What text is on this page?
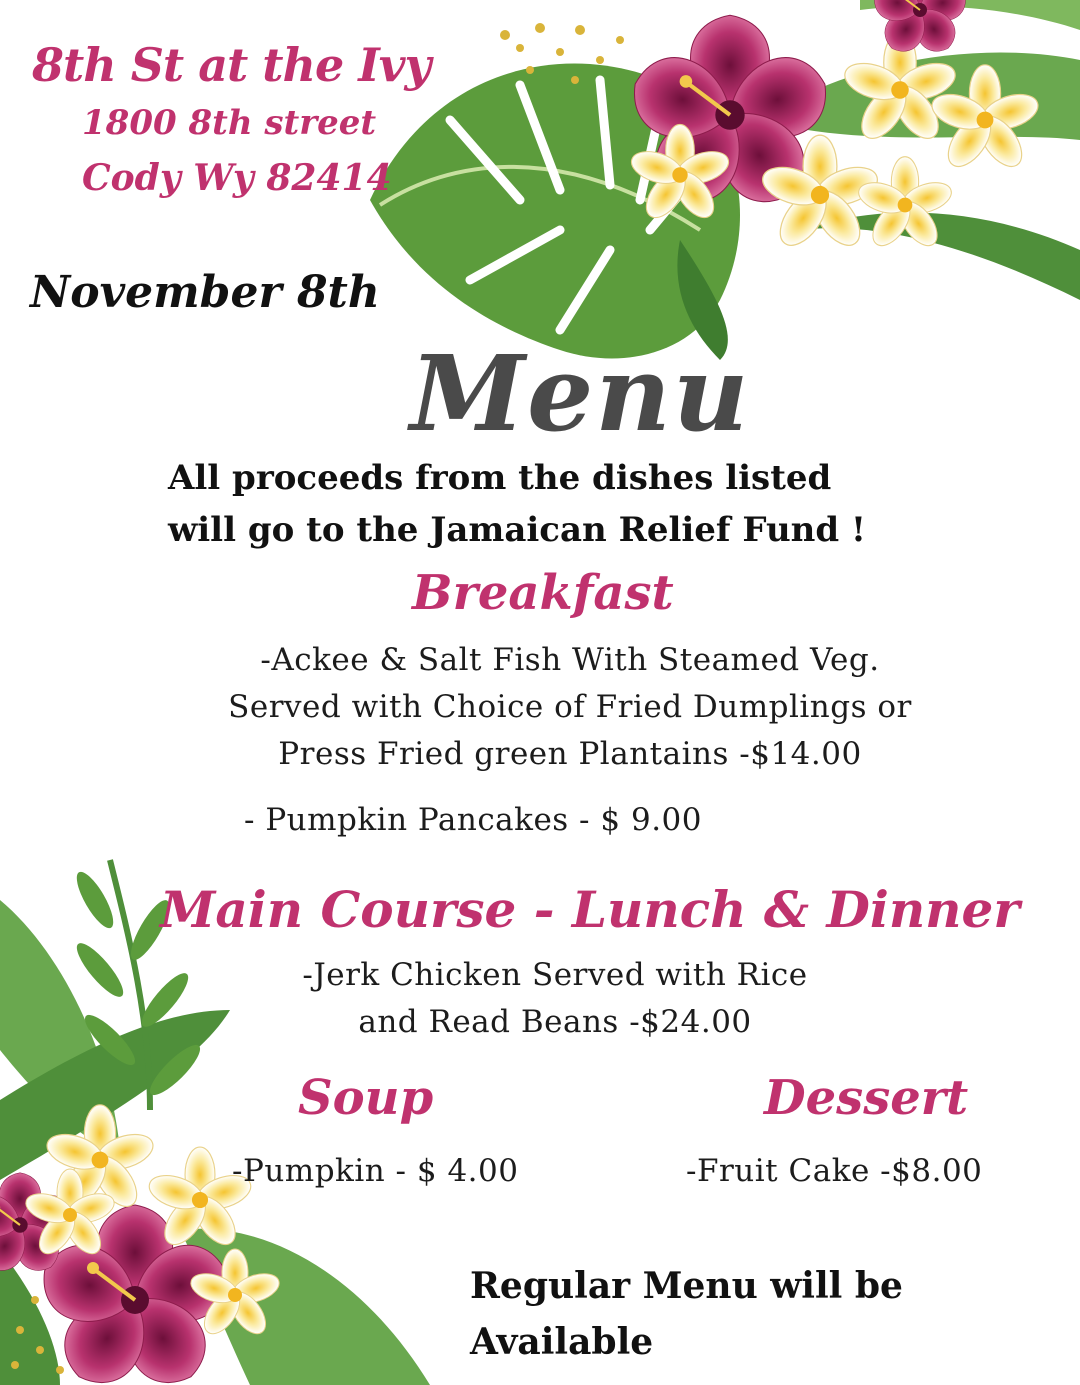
8th St at the Ivy
1800 8th street
Cody Wy 82414
November 8th
Menu
All proceeds from the dishes listed
will go to the Jamaican Relief Fund !
Breakfast
-Ackee & Salt Fish With Steamed Veg.
Served with Choice of Fried Dumplings or
Press Fried green Plantains -$14.00
- Pumpkin Pancakes - $ 9.00
Main Course - Lunch & Dinner
-Jerk Chicken Served with Rice
and Read Beans -$24.00
Soup	Dessert
-Pumpkin - $ 4.00	-Fruit Cake -$8.00
Regular Menu will be
Available
